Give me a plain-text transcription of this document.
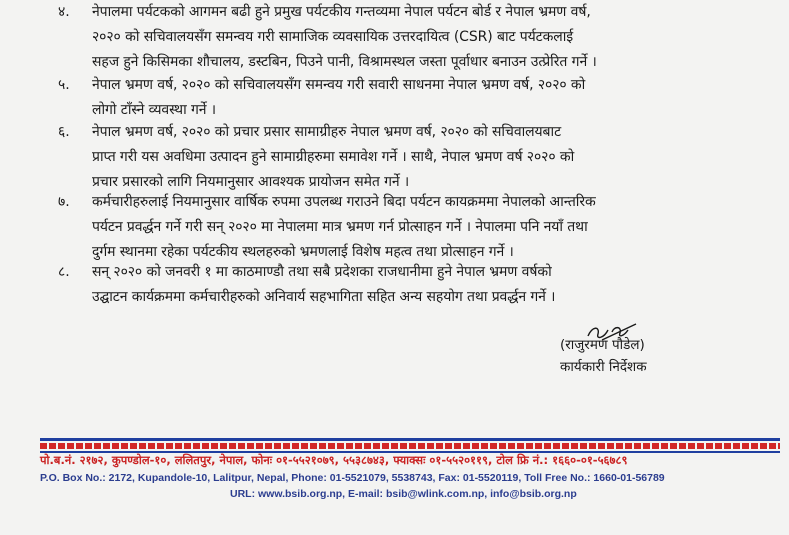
४. नेपालमा पर्यटकको आगमन बढी हुने प्रमुख पर्यटकीय गन्तव्यमा नेपाल पर्यटन बोर्ड र नेपाल भ्रमण वर्ष,
२०२० को सचिवालयसँग समन्वय गरी सामाजिक व्यवसायिक उत्तरदायित्व (CSR) बाट पर्यटकलाई
सहज हुने किसिमका शौचालय, डस्टबिन, पिउने पानी, विश्रामस्थल जस्ता पूर्वाधार बनाउन उत्प्रेरित गर्ने ।
५. नेपाल भ्रमण वर्ष, २०२० को सचिवालयसँग समन्वय गरी सवारी साधनमा नेपाल भ्रमण वर्ष, २०२० को
लोगो टाँस्ने व्यवस्था गर्ने ।
६. नेपाल भ्रमण वर्ष, २०२० को प्रचार प्रसार सामाग्रीहरु नेपाल भ्रमण वर्ष, २०२० को सचिवालयबाट
प्राप्त गरी यस अवधिमा उत्पादन हुने सामाग्रीहरुमा समावेश गर्ने । साथै, नेपाल भ्रमण वर्ष २०२० को
प्रचार प्रसारको लागि नियमानुसार आवश्यक प्रायोजन समेत गर्ने ।
७. कर्मचारीहरुलाई नियमानुसार वार्षिक रुपमा उपलब्ध गराउने बिदा पर्यटन कायक्रममा नेपालको आन्तरिक
पर्यटन प्रवर्द्धन गर्ने गरी सन् २०२० मा नेपालमा मात्र भ्रमण गर्न प्रोत्साहन गर्ने । नेपालमा पनि नयाँ तथा
दुर्गम स्थानमा रहेका पर्यटकीय स्थलहरुको भ्रमणलाई विशेष महत्व तथा प्रोत्साहन गर्ने ।
८. सन् २०२० को जनवरी १ मा काठमाण्डौ तथा सबै प्रदेशका राजधानीमा हुने नेपाल भ्रमण वर्षको
उद्घाटन कार्यक्रममा कर्मचारीहरुको अनिवार्य सहभागिता सहित अन्य सहयोग तथा प्रवर्द्धन गर्ने ।
(राजुरमण पौडेल)
कार्यकारी निर्देशक
पो.ब.नं. २१७२, कुपण्डोल-१०, ललितपुर, नेपाल, फोनः ०१-५५२१०७९, ५५३८७४३, फ्याक्सः ०१-५५२०११९, टोल फ्रि नं.: १६६०-०१-५६७८९
P.O. Box No.: 2172, Kupandole-10, Lalitpur, Nepal, Phone: 01-5521079, 5538743, Fax: 01-5520119, Toll Free No.: 1660-01-56789
URL: www.bsib.org.np, E-mail: bsib@wlink.com.np, info@bsib.org.np
